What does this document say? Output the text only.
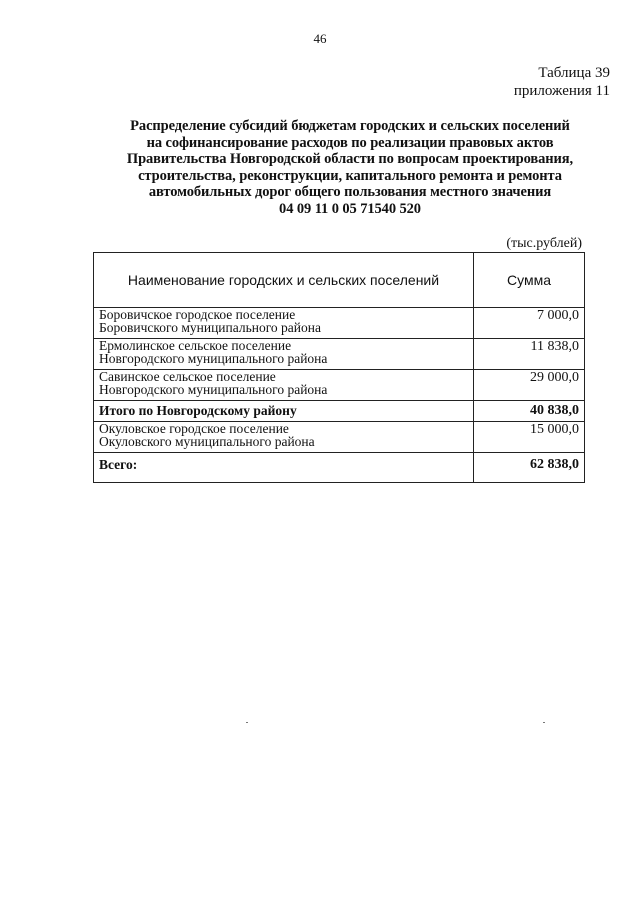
46
Таблица 39
приложения 11
Распределение субсидий бюджетам городских и сельских поселений
на софинансирование расходов по реализации правовых актов
Правительства Новгородской области по вопросам проектирования,
строительства, реконструкции, капитального ремонта и ремонта
автомобильных дорог общего пользования местного значения
04 09 11 0 05 71540 520
(тыс.рублей)
Наименование городских и сельских поселений	Сумма

Боровичское городское поселение
Боровичского муниципального района	7 000,0

Ермолинское сельское поселение
Новгородского муниципального района	11 838,0

Савинское сельское поселение
Новгородского муниципального района	29 000,0
Итого по Новгородскому району	40 838,0

Окуловское городское поселение
Окуловского муниципального района	15 000,0
Всего:	62 838,0
